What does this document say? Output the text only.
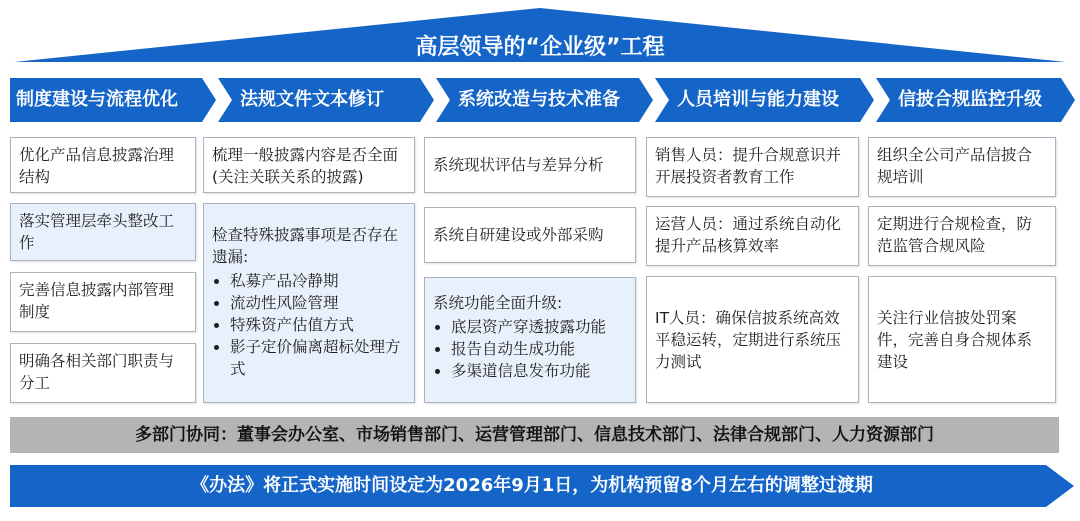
高层领导的“企业级”工程
制度建设与流程优化	法规文件文本修订	系统改造与技术准备	人员培训与能力建设	信披合规监控升级
优化产品信息披露治理结构
落实管理层牵头整改工作
完善信息披露内部管理制度
明确各相关部门职责与分工
梳理一般披露内容是否全面(关注关联关系的披露)
检查特殊披露事项是否存在遗漏:
• 私募产品冷静期
• 流动性风险管理
• 特殊资产估值方式
• 影子定价偏离超标处理方式
系统现状评估与差异分析
系统自研建设或外部采购
系统功能全面升级:
• 底层资产穿透披露功能
• 报告自动生成功能
• 多渠道信息发布功能
销售人员：提升合规意识并开展投资者教育工作
运营人员：通过系统自动化提升产品核算效率
IT人员：确保信披系统高效平稳运转，定期进行系统压力测试
组织全公司产品信披合规培训
定期进行合规检查，防范监管合规风险
关注行业信披处罚案件，完善自身合规体系建设
多部门协同：董事会办公室、市场销售部门、运营管理部门、信息技术部门、法律合规部门、人力资源部门
《办法》将正式实施时间设定为2026年9月1日，为机构预留8个月左右的调整过渡期
